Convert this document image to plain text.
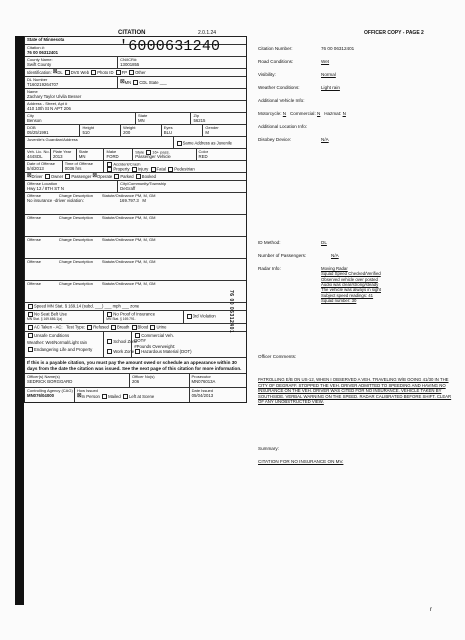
CITATION	2.0.1.24	OFFICER COPY - PAGE 2
State of Minnesota
Citation #:
76 00 06312401	'6000631240
County Name:
Swift County
CN/ICR#:
13001855
Identification: ☒DL DVS Web Photo ID FP Other
DL Number
T160219264707	☒MN CDL State ___
Name
Zachary Taylor Ulvila Besser
Address - Street, Apt #
410 10th St N APT 206
City
Benson
State
MN
Zip
56215
DOB
05/25/1991
Height
510
Weight
200
Eyes
BLU
Gender
M
Juvenile's Guardian/Address
Same Address as Juvenile
Veh. Lic. No.
444SDL
Plate Year
2013
State
MN
Make
FORD
Style 16+ pass.
Passenger Vehicle
Color
RED
Date of Offense
5/4/2013
Time of Offense
0036 hrs
Accident/Crash
Property Injury Fatal Pedestrian
☒Driver Owner Passenger ☒Operate Parked Booked
Offense Location
Hwy 12 / 8TH ST N
City/Community/Township
DeGraff
Offense	Charge Description Statute/Ordinance PM, M, GM
No insurance -driver violation:	169.797.3 M
Offense	Charge Description Statute/Ordinance PM, M, GM
Offense	Charge Description Statute/Ordinance PM, M, GM
Offense	Charge Description Statute/Ordinance PM, M, GM
Offense	Charge Description Statute/Ordinance PM, M, GM
Speed MN Stat. § 169.14 (subd. ___) ___ mph ___ zone
No Seat Belt Use
MN Stat. § 169.686.1(a)
No Proof of Insurance
MN Stat. § 169.791.	3rd Violation
AC Taken - AC: Test Type: Refused Breath Blood Urine
Unsafe Conditions
Weather: Wet/Normal/Light rain
Endangering Life and Property
School Zone
Work Zone
Commercial Veh.
DOT#
#Pounds Overweight:
Hazardous Material (DOT)
If this is a payable citation, you must pay the amount owed or schedule an appearance within 30 days from the date the citation was issued. See the next page of this citation for more information.
Officer(s) Name(s)
SEDRICK BORGGARD
Officer No(s)
206
Prosecutor
MN076013A
Controlling Agency (CAG)
MN076/04000
How Issued
☒In Person Mailed Left at Scene
Date Issued
05/04/2013
76 00 06312401
Citation Number:	76 00 06312401
Road Conditions:	Wet
Visibility:	Normal
Weather Conditions:	Light rain
Additional Vehicle Info:
Motorcycle: N Commercial: N Hazmat: N
Additional Location Info:
Disobey Device:	N/A
ID Method:	DL
Number of Passengers:	N/A
Radar Info:	Moving Radar
Squad Speed Checked/Verified
Observed vehicle over posted
Audio was clear/strong/steady
The vehicle was always in sight
Subject speed readings: 41
Squad number: 30
Officer Comments:
PATROLLING E/B ON US-12, WHEN I OBSERVED A VEH. TRAVELING W/B GOING 41/30 IN THE CITY OF DEGRAFF. STOPPED THE VEH. DRIVER ADMITTED TO SPEEDING AND HAVING NO INSURANCE ON THE VEH. DRIVER WAS CITED FOR NO INSURANCE. VEHICLE TAKEN BY SOUTHSIDE. VERBAL WARNING ON THE SPEED. RADAR CALIBRATED BEFORE SHIFT. CLEAR OF ANY UNOBSTRUCTED VIEW.
Summary:
CITATION FOR NO INSURANCE ON MV.
r
